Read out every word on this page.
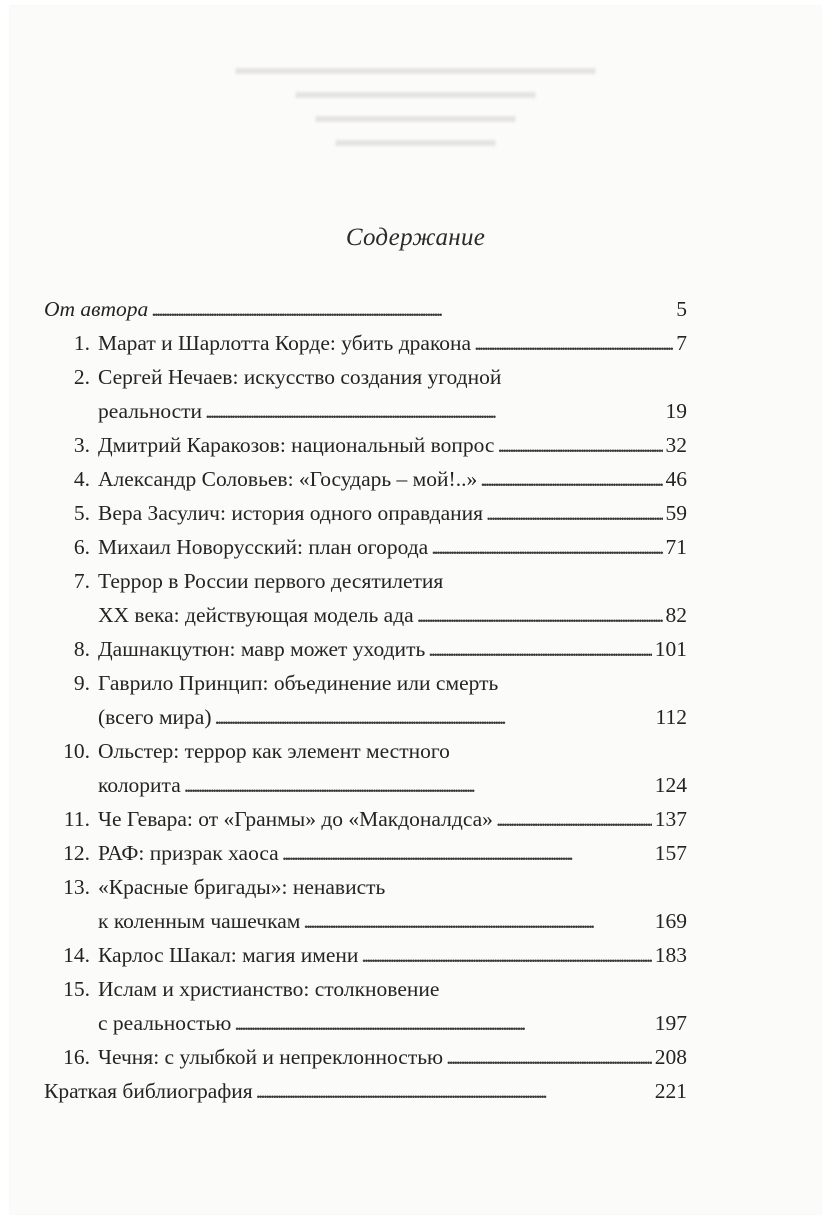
▬▬▬▬▬▬▬▬▬▬▬▬▬▬▬▬▬▬
▬▬▬▬▬▬▬▬▬▬▬▬
▬▬▬▬▬▬▬▬▬▬
▬▬▬▬▬▬▬▬
Содержание
От автора . . .	5
1. Марат и Шарлотта Корде: убить дракона . . .	7
2. Сергей Нечаев: искусство создания угодной
реальности . . .	19
3. Дмитрий Каракозов: национальный вопрос . . .	32
4. Александр Соловьев: «Государь – мой!..» . . .	46
5. Вера Засулич: история одного оправдания . . .	59
6. Михаил Новорусский: план огорода . . .	71
7. Террор в России первого десятилетия
XX века: действующая модель ада . . .	82
8. Дашнакцутюн: мавр может уходить . . .	101
9. Гаврило Принцип: объединение или смерть
(всего мира) . . .	112
10. Ольстер: террор как элемент местного
колорита . . .	124
11. Че Гевара: от «Гранмы» до «Макдоналдса» . . .	137
12. РАФ: призрак хаоса . . .	157
13. «Красные бригады»: ненависть
к коленным чашечкам . . .	169
14. Карлос Шакал: магия имени . . .	183
15. Ислам и христианство: столкновение
с реальностью . . .	197
16. Чечня: с улыбкой и непреклонностью . . .	208
Краткая библиография . . .	221
